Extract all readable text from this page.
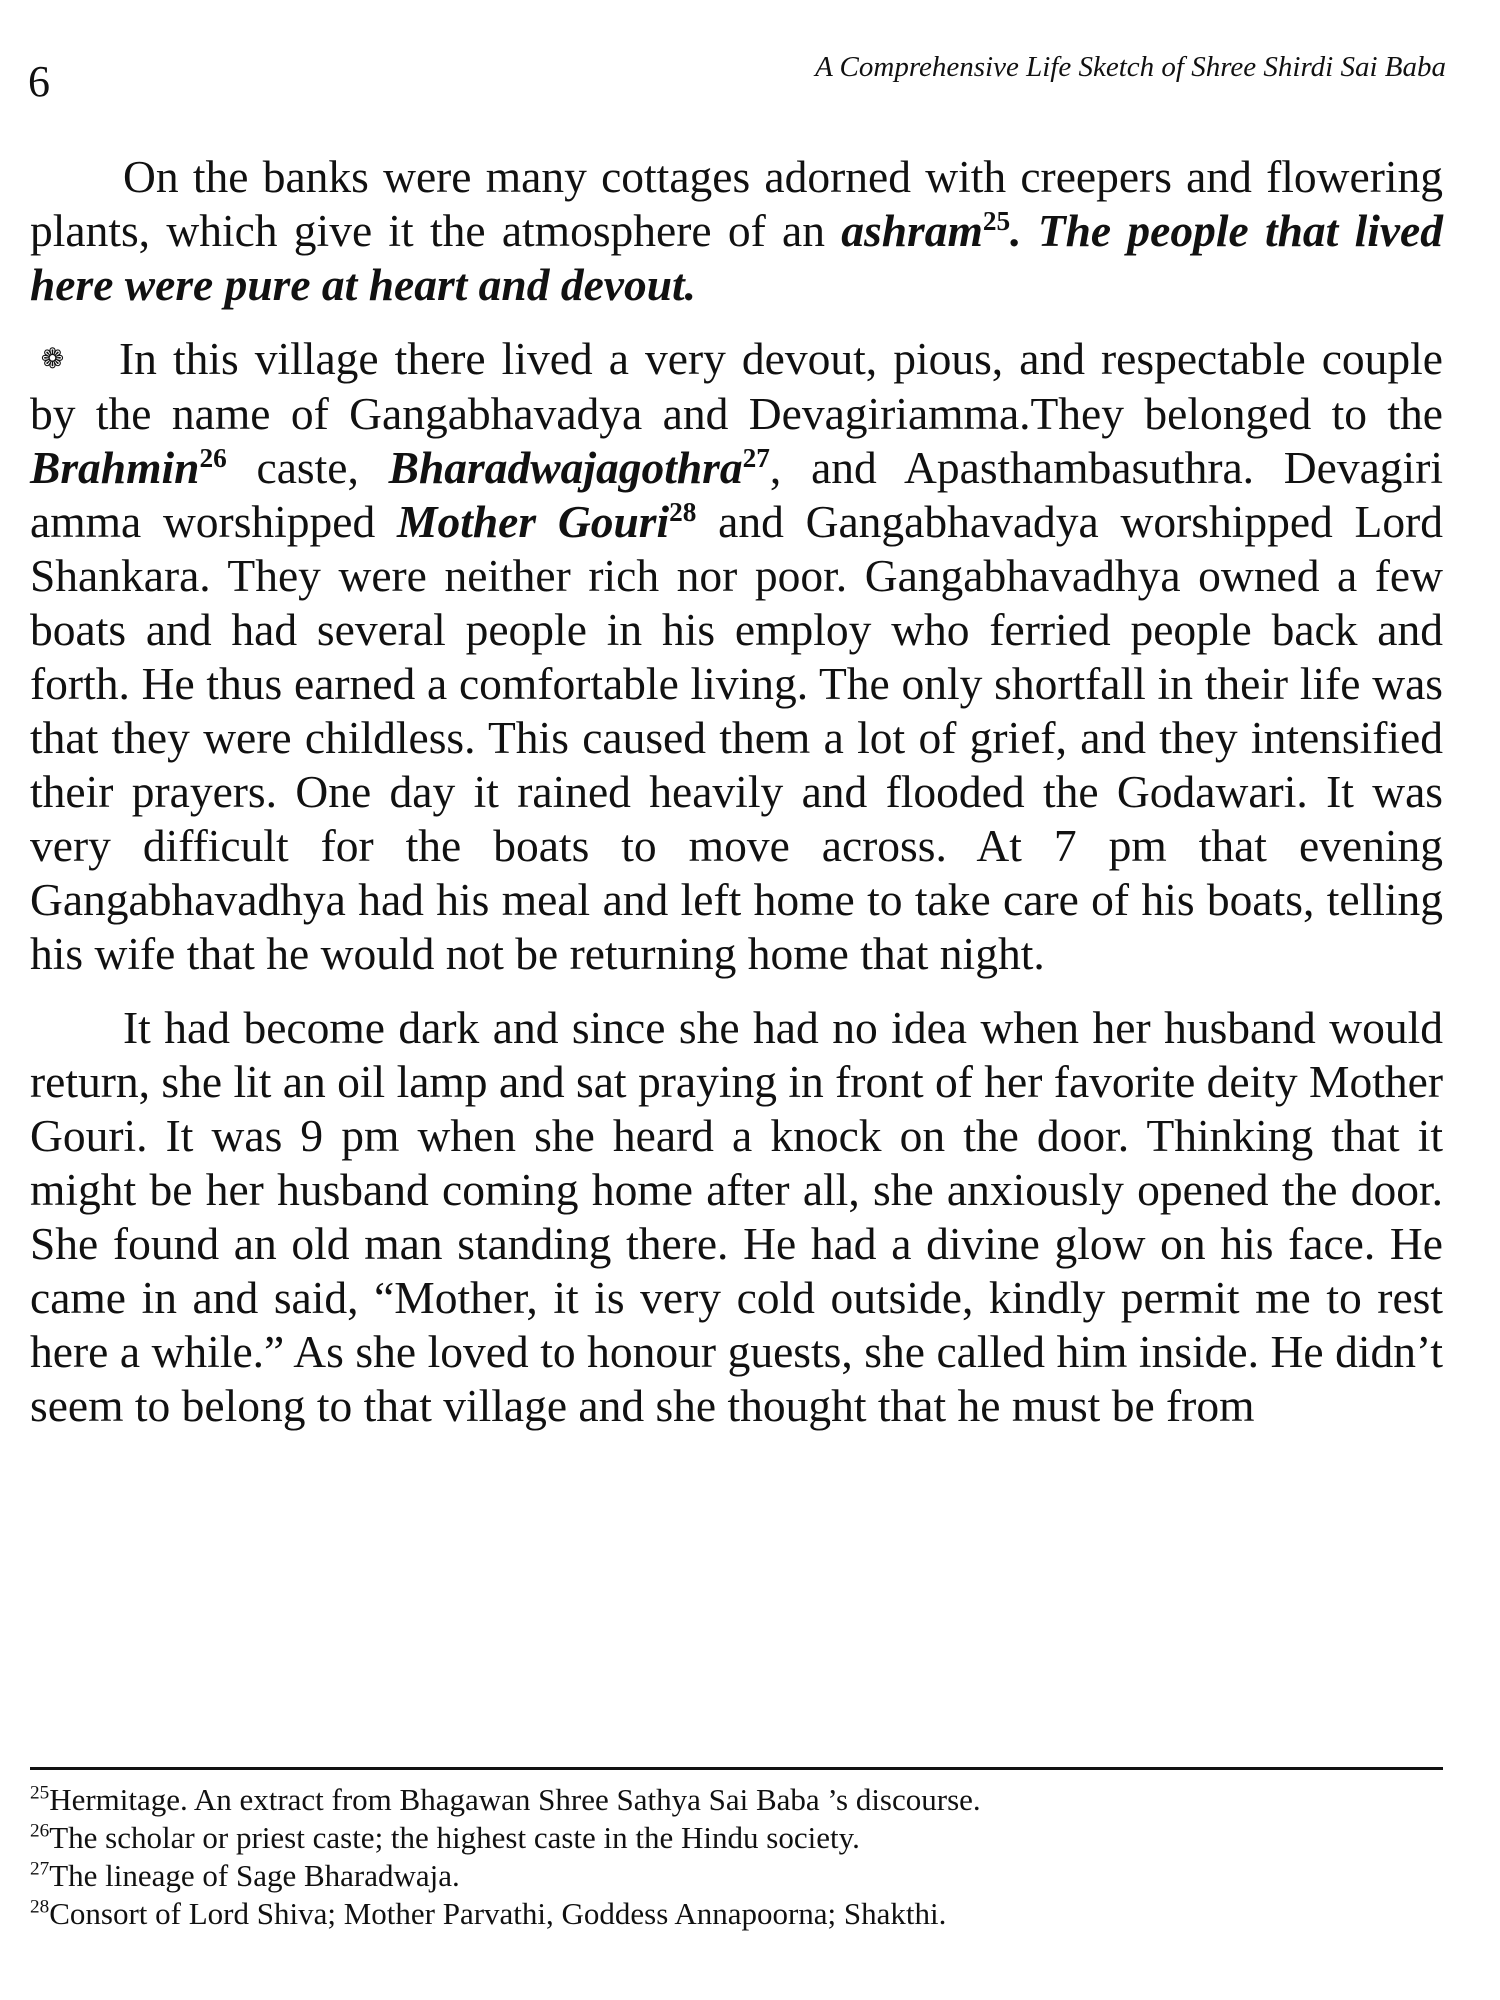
6	A Comprehensive Life Sketch of Shree Shirdi Sai Baba

On the banks were many cottages adorned with creepers and flowering plants, which give it the atmosphere of an ashram$^{25}$. The people that lived here were pure at heart and devout.

❁ In this village there lived a very devout, pious, and respectable couple by the name of Gangabhavadya and Devagiriamma.They belonged to the Brahmin$^{26}$ caste, Bharadwajagothra$^{27}$, and Apasthambasuthra. Devagiri amma worshipped Mother Gouri$^{28}$ and Gangabhavadya worshipped Lord Shankara. They were neither rich nor poor. Gangabhavadhya owned a few boats and had several people in his employ who ferried people back and forth. He thus earned a comfortable living. The only shortfall in their life was that they were childless. This caused them a lot of grief, and they intensified their prayers. One day it rained heavily and flooded the Godawari. It was very difficult for the boats to move across. At 7 pm that evening Gangabhavadhya had his meal and left home to take care of his boats, telling his wife that he would not be returning home that night.

It had become dark and since she had no idea when her husband would return, she lit an oil lamp and sat praying in front of her favorite deity Mother Gouri. It was 9 pm when she heard a knock on the door. Thinking that it might be her husband coming home after all, she anxiously opened the door. She found an old man standing there. He had a divine glow on his face. He came in and said, “Mother, it is very cold outside, kindly permit me to rest here a while.” As she loved to honour guests, she called him inside. He didn’t seem to belong to that village and she thought that he must be from

$^{25}$Hermitage. An extract from Bhagawan Shree Sathya Sai Baba ’s discourse.
$^{26}$The scholar or priest caste; the highest caste in the Hindu society.
$^{27}$The lineage of Sage Bharadwaja.
$^{28}$Consort of Lord Shiva; Mother Parvathi, Goddess Annapoorna; Shakthi.
